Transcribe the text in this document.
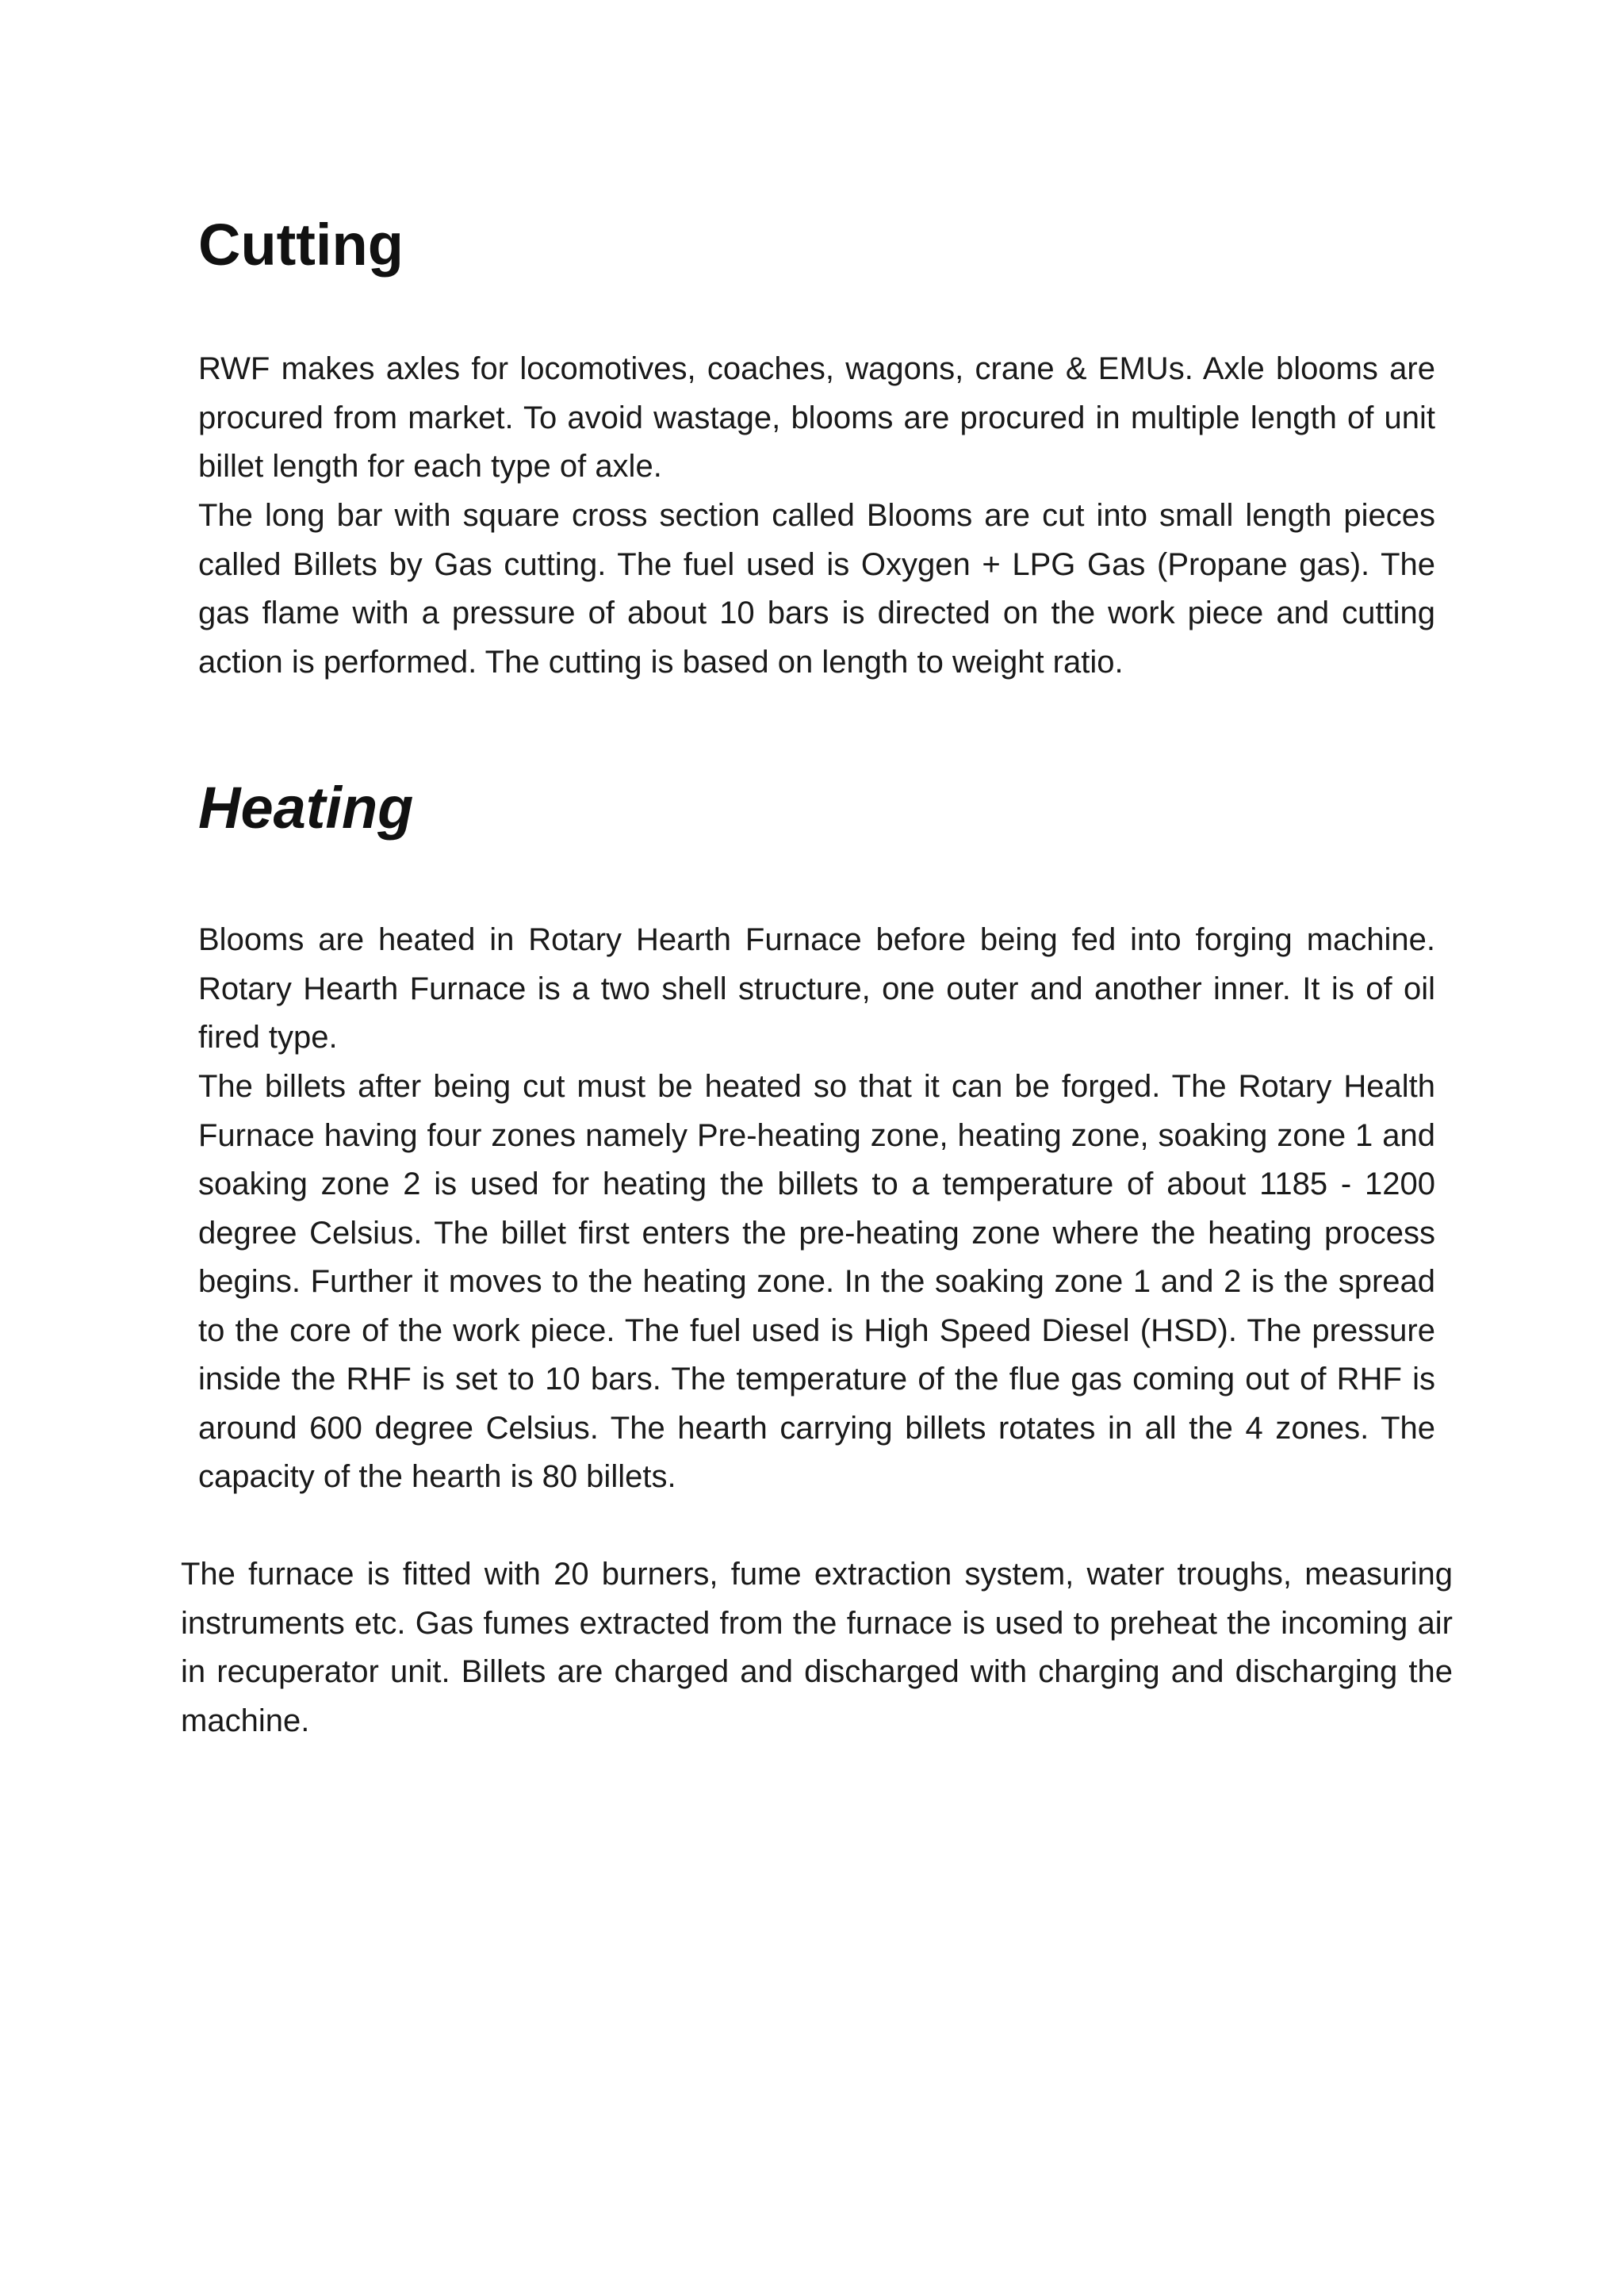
Cutting

RWF makes axles for locomotives, coaches, wagons, crane & EMUs. Axle blooms are procured from market. To avoid wastage, blooms are procured in multiple length of unit billet length for each type of axle.

The long bar with square cross section called Blooms are cut into small length pieces called Billets by Gas cutting. The fuel used is Oxygen + LPG Gas (Propane gas). The gas flame with a pressure of about 10 bars is directed on the work piece and cutting action is performed. The cutting is based on length to weight ratio.

Heating

Blooms are heated in Rotary Hearth Furnace before being fed into forging machine. Rotary Hearth Furnace is a two shell structure, one outer and another inner. It is of oil fired type.

The billets after being cut must be heated so that it can be forged. The Rotary Health Furnace having four zones namely Pre-heating zone, heating zone, soaking zone 1 and soaking zone 2 is used for heating the billets to a temperature of about 1185 - 1200 degree Celsius. The billet first enters the pre-heating zone where the heating process begins. Further it moves to the heating zone. In the soaking zone 1 and 2 is the spread to the core of the work piece. The fuel used is High Speed Diesel (HSD). The pressure inside the RHF is set to 10 bars. The temperature of the flue gas coming out of RHF is around 600 degree Celsius. The hearth carrying billets rotates in all the 4 zones. The capacity of the hearth is 80 billets.

The furnace is fitted with 20 burners, fume extraction system, water troughs, measuring instruments etc. Gas fumes extracted from the furnace is used to preheat the incoming air in recuperator unit. Billets are charged and discharged with charging and discharging the machine.
